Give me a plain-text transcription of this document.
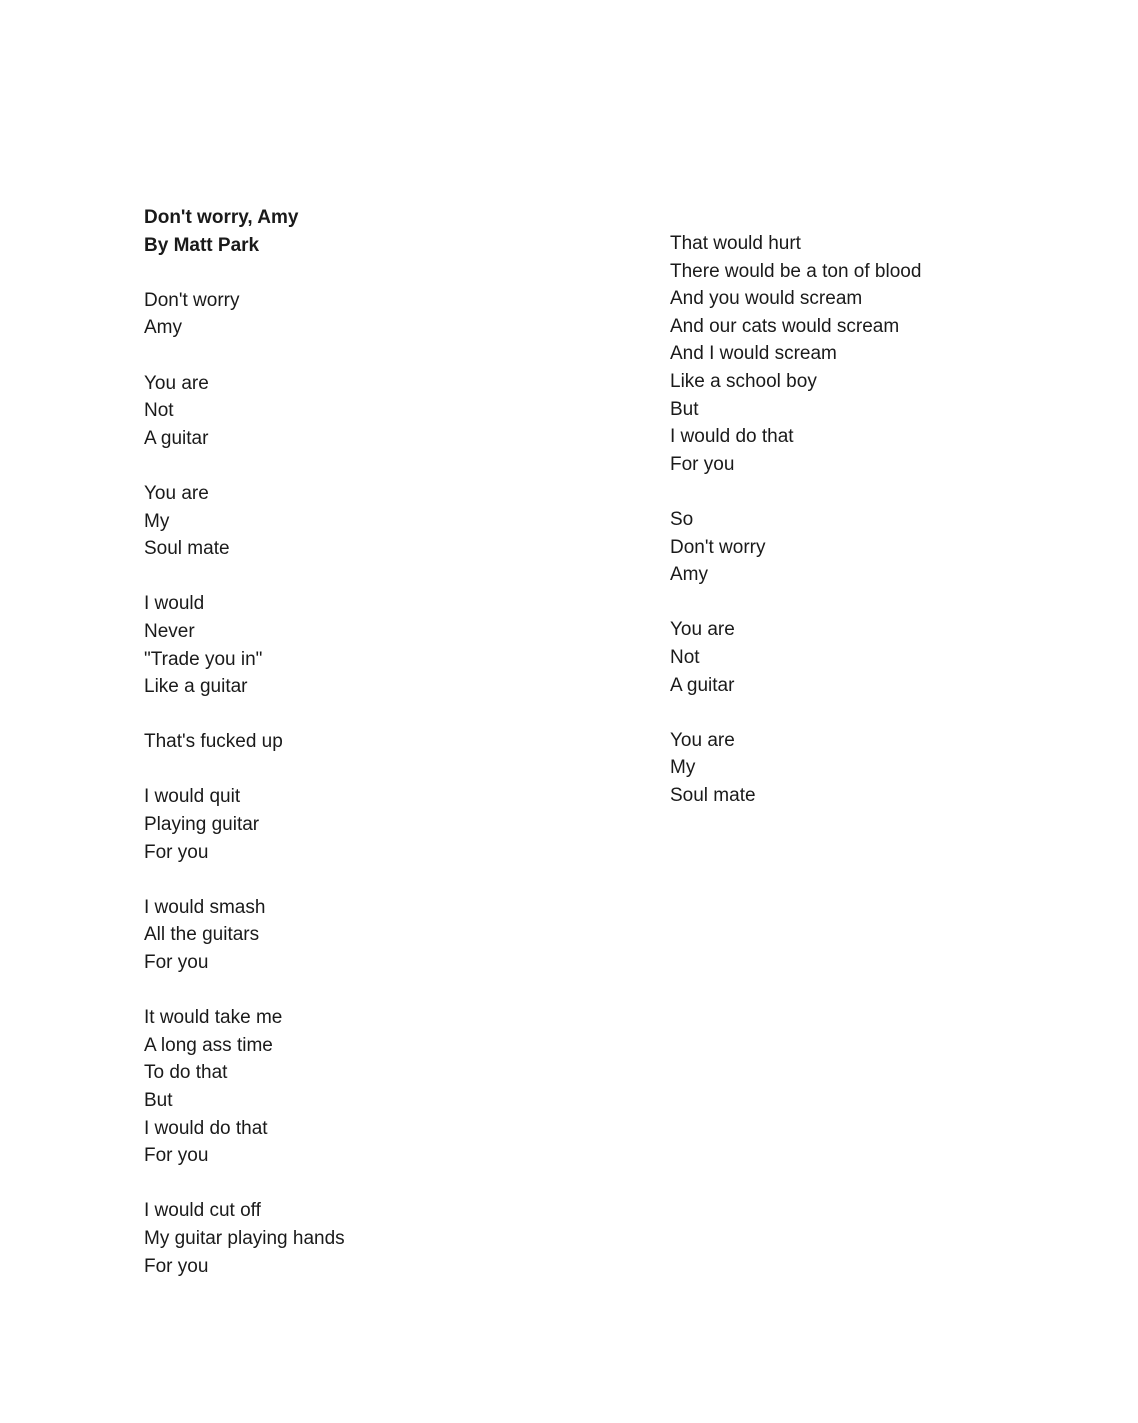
Don't worry, Amy
By Matt Park
Don't worry
Amy
You are
Not
A guitar
You are
My
Soul mate
I would
Never
"Trade you in"
Like a guitar
That's fucked up
I would quit
Playing guitar
For you
I would smash
All the guitars
For you
It would take me
A long ass time
To do that
But
I would do that
For you
I would cut off
My guitar playing hands
For you
That would hurt
There would be a ton of blood
And you would scream
And our cats would scream
And I would scream
Like a school boy
But
I would do that
For you
So
Don't worry
Amy
You are
Not
A guitar
You are
My
Soul mate
